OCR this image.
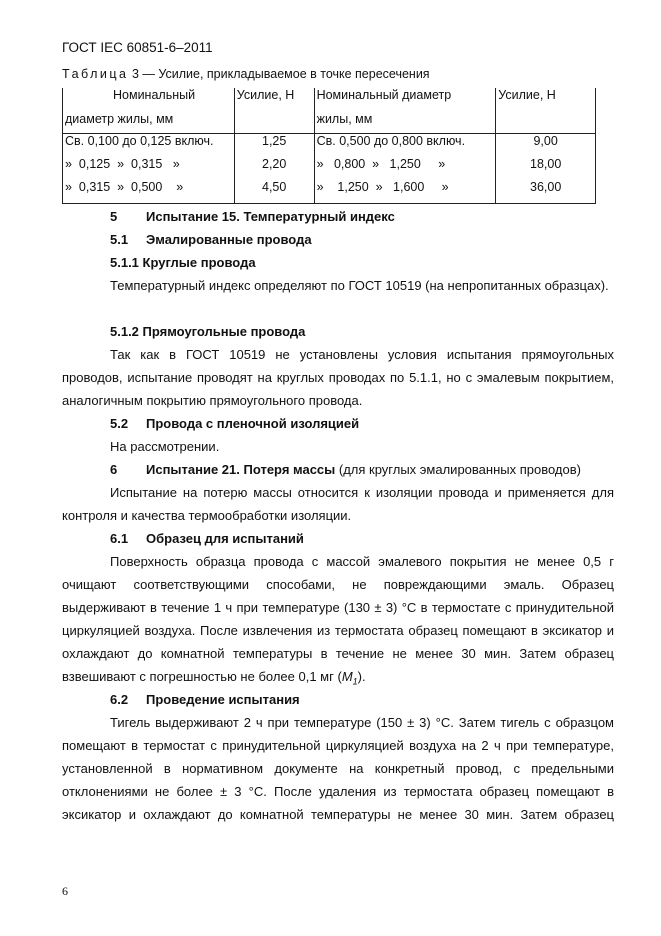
ГОСТ IEC 60851-6–2011
Таблица 3 — Усилие, прикладываемое в точке пересечения
Номинальный	Усилие, Н	Номинальный диаметр	Усилие, Н
диаметр жилы, мм		жилы, мм	
Св. 0,100 до 0,125 включ.	1,25	Св. 0,500 до 0,800 включ.	9,00
»  0,125  »  0,315   »	2,20	»   0,800  »   1,250     »	18,00
»  0,315  »  0,500    »	4,50	»    1,250  »   1,600     »	36,00

5 Испытание 15. Температурный индекс

5.1 Эмалированные провода

5.1.1 Круглые провода

Температурный индекс определяют по ГОСТ 10519 (на непропитанных образцах).

5.1.2 Прямоугольные провода

Так как в ГОСТ 10519 не установлены условия испытания прямоугольных проводов, испытание проводят на круглых проводах по 5.1.1, но с эмалевым покрытием, аналогичным покрытию прямоугольного провода.

5.2 Провода с пленочной изоляцией

На рассмотрении.

6 Испытание 21. Потеря массы (для круглых эмалированных проводов)

Испытание на потерю массы относится к изоляции провода и применяется для контроля и качества термообработки изоляции.

6.1 Образец для испытаний

Поверхность образца провода с массой эмалевого покрытия не менее 0,5 г очищают соответствующими способами, не повреждающими эмаль. Образец выдерживают в течение 1 ч при температуре (130 ± 3) °C в термостате с принудительной циркуляцией воздуха. После извлечения из термостата образец помещают в эксикатор и охлаждают до комнатной температуры в течение не менее 30 мин. Затем образец взвешивают с погрешностью не более 0,1 мг $(M_1)$.

6.2 Проведение испытания

Тигель выдерживают 2 ч при температуре (150 ± 3) °C. Затем тигель с образцом помещают в термостат с принудительной циркуляцией воздуха на 2 ч при температуре, установленной в нормативном документе на конкретный провод, с предельными отклонениями не более ± 3 °C. После удаления из термостата образец помещают в эксикатор и охлаждают до комнатной температуры не менее 30 мин. Затем образец

6
